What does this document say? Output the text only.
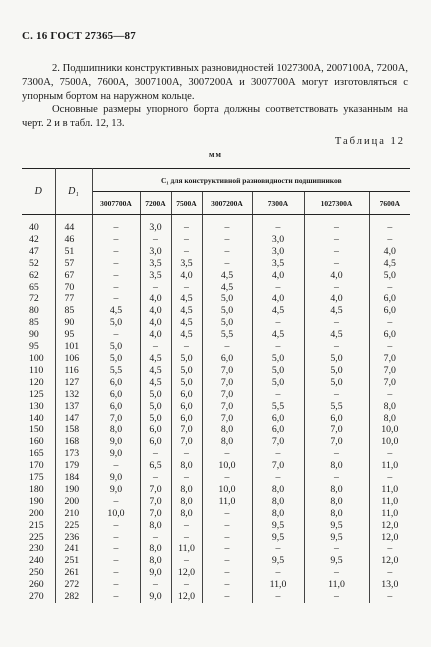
С. 16 ГОСТ 27365—87
2. Подшипники конструктивных разновидностей 1027300А, 2007100А, 7200А, 7300А, 7500А, 7600А, 3007100А, 3007200А и 3007700А могут изготовляться с упорным бортом на наружном кольце.
Основные размеры упорного борта должны соответствовать указанным на черт. 2 и в табл. 12, 13.
Таблица 12
мм
D	D₁	C₁ для конструктивной разновидности подшипников						
		3007700А	7200А	7500А	3007200А	7300А	1027300А	7600А
40	44	–	3,0	–	–	–	–	–
42	46	–	–	–	–	3,0	–	–
47	51	–	3,0	–	–	3,0	–	4,0
52	57	–	3,5	3,5	–	3,5	–	4,5
62	67	–	3,5	4,0	4,5	4,0	4,0	5,0
65	70	–	–	–	4,5	–	–	–
72	77	–	4,0	4,5	5,0	4,0	4,0	6,0
80	85	4,5	4,0	4,5	5,0	4,5	4,5	6,0
85	90	5,0	4,0	4,5	5,0	–	–	–
90	95	–	4,0	4,5	5,5	4,5	4,5	6,0
95	101	5,0	–	–	–	–	–	–
100	106	5,0	4,5	5,0	6,0	5,0	5,0	7,0
110	116	5,5	4,5	5,0	7,0	5,0	5,0	7,0
120	127	6,0	4,5	5,0	7,0	5,0	5,0	7,0
125	132	6,0	5,0	6,0	7,0	–	–	–
130	137	6,0	5,0	6,0	7,0	5,5	5,5	8,0
140	147	7,0	5,0	6,0	7,0	6,0	6,0	8,0
150	158	8,0	6,0	7,0	8,0	6,0	7,0	10,0
160	168	9,0	6,0	7,0	8,0	7,0	7,0	10,0
165	173	9,0	–	–	–	–	–	–
170	179	–	6,5	8,0	10,0	7,0	8,0	11,0
175	184	9,0	–	–	–	–	–	–
180	190	9,0	7,0	8,0	10,0	8,0	8,0	11,0
190	200	–	7,0	8,0	11,0	8,0	8,0	11,0
200	210	10,0	7,0	8,0	–	8,0	8,0	11,0
215	225	–	8,0	–	–	9,5	9,5	12,0
225	236	–	–	–	–	9,5	9,5	12,0
230	241	–	8,0	11,0	–	–	–	–
240	251	–	8,0	–	–	9,5	9,5	12,0
250	261	–	9,0	12,0	–	–	–	–
260	272	–	–	–	–	11,0	11,0	13,0
270	282	–	9,0	12,0	–	–	–	–
